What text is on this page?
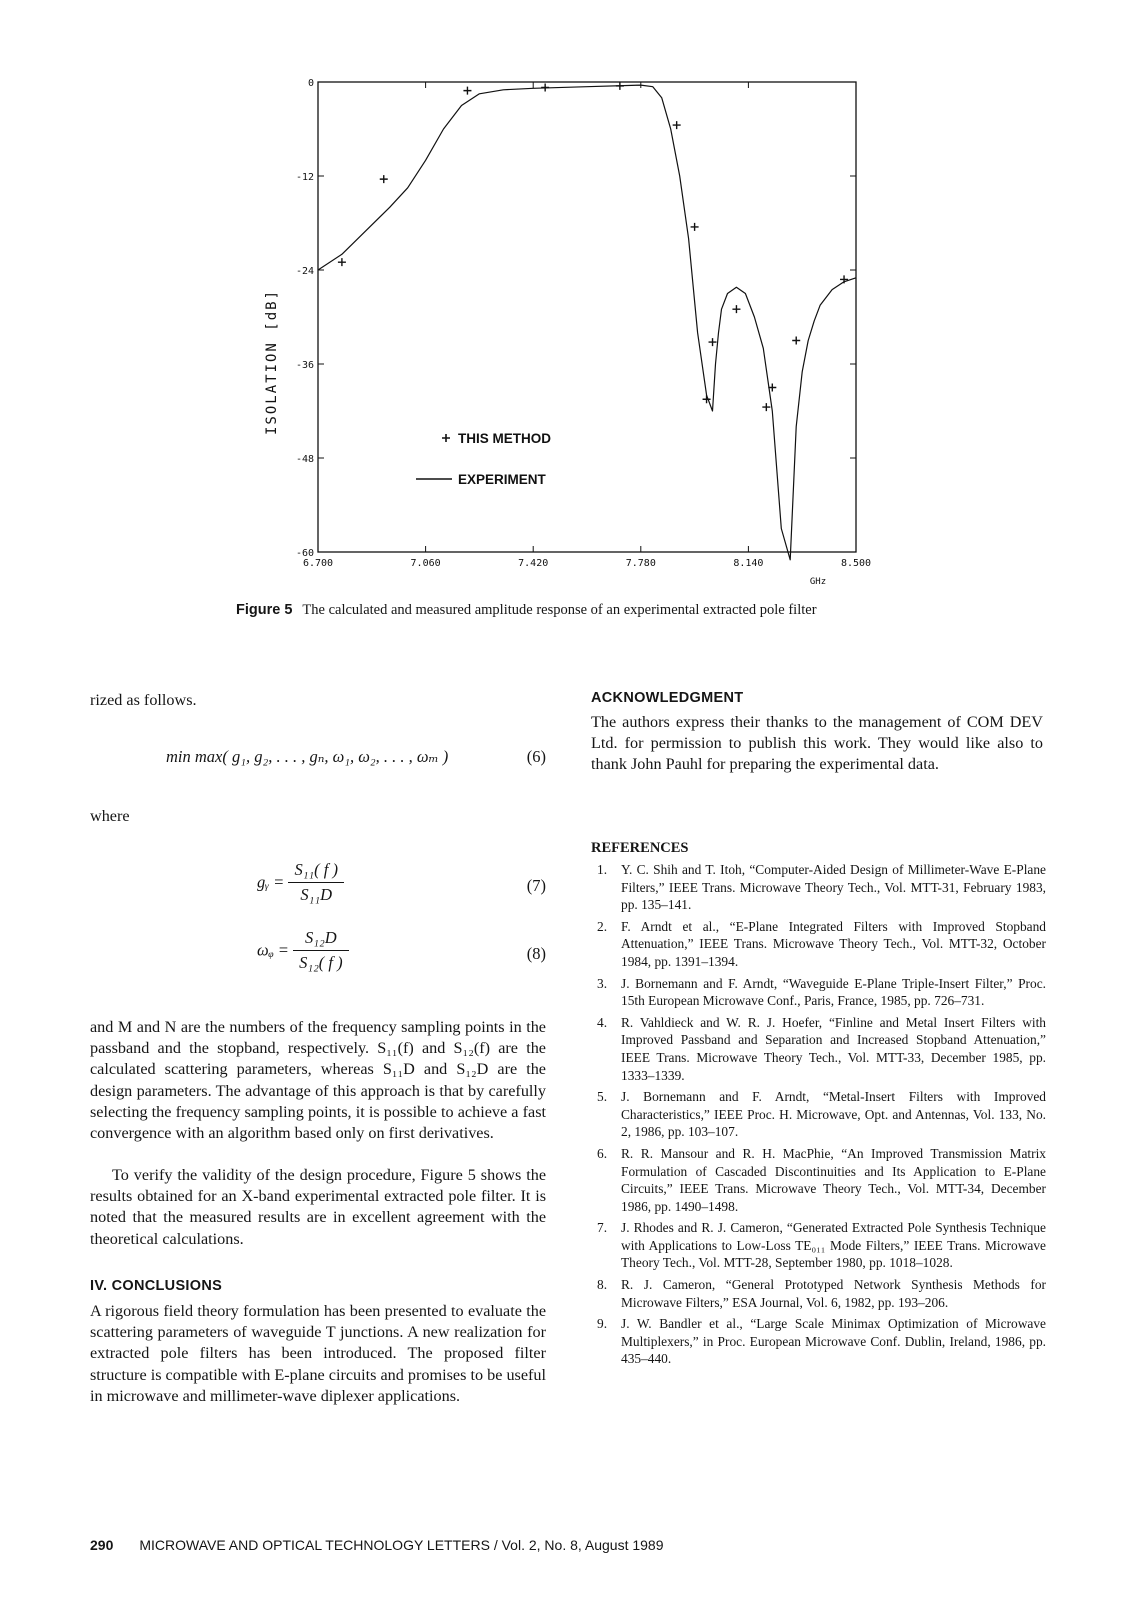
0
-12
-24
-36
-48
-60
6.700	7.060	7.420	7.780	8.140	8.500
GHz
ISOLATION [dB]
THIS METHOD
EXPERIMENT
Figure 5 The calculated and measured amplitude response of an experimental extracted pole filter
rized as follows.
min max( g₁, g₂, . . . , gₙ, ω₁, ω₂, . . . , ωₘ )	(6)
where
gᵧ = $\frac{\text{S₁₁( f )}}{\text{S₁₁D}}$	(7)
ωᵩ = $\frac{\text{S₁₂D}}{\text{S₁₂( f )}}$	(8)
and M and N are the numbers of the frequency sampling points in the passband and the stopband, respectively. S₁₁(f) and S₁₂(f) are the calculated scattering parameters, whereas S₁₁D and S₁₂D are the design parameters. The advantage of this approach is that by carefully selecting the frequency sampling points, it is possible to achieve a fast convergence with an algorithm based only on first derivatives.
To verify the validity of the design procedure, Figure 5 shows the results obtained for an X-band experimental extracted pole filter. It is noted that the measured results are in excellent agreement with the theoretical calculations.
IV. CONCLUSIONS
A rigorous field theory formulation has been presented to evaluate the scattering parameters of waveguide T junctions. A new realization for extracted pole filters has been introduced. The proposed filter structure is compatible with E-plane circuits and promises to be useful in microwave and millimeter-wave diplexer applications.
ACKNOWLEDGMENT
The authors express their thanks to the management of COM DEV Ltd. for permission to publish this work. They would like also to thank John Pauhl for preparing the experimental data.
REFERENCES
1.	Y. C. Shih and T. Itoh, “Computer-Aided Design of Millimeter-Wave E-Plane Filters,” IEEE Trans. Microwave Theory Tech., Vol. MTT-31, February 1983, pp. 135–141.
2.	F. Arndt et al., “E-Plane Integrated Filters with Improved Stopband Attenuation,” IEEE Trans. Microwave Theory Tech., Vol. MTT-32, October 1984, pp. 1391–1394.
3.	J. Bornemann and F. Arndt, “Waveguide E-Plane Triple-Insert Filter,” Proc. 15th European Microwave Conf., Paris, France, 1985, pp. 726–731.
4.	R. Vahldieck and W. R. J. Hoefer, “Finline and Metal Insert Filters with Improved Passband and Separation and Increased Stopband Attenuation,” IEEE Trans. Microwave Theory Tech., Vol. MTT-33, December 1985, pp. 1333–1339.
5.	J. Bornemann and F. Arndt, “Metal-Insert Filters with Improved Characteristics,” IEEE Proc. H. Microwave, Opt. and Antennas, Vol. 133, No. 2, 1986, pp. 103–107.
6.	R. R. Mansour and R. H. MacPhie, “An Improved Transmission Matrix Formulation of Cascaded Discontinuities and Its Application to E-Plane Circuits,” IEEE Trans. Microwave Theory Tech., Vol. MTT-34, December 1986, pp. 1490–1498.
7.	J. Rhodes and R. J. Cameron, “Generated Extracted Pole Synthesis Technique with Applications to Low-Loss TE₀₁₁ Mode Filters,” IEEE Trans. Microwave Theory Tech., Vol. MTT-28, September 1980, pp. 1018–1028.
8.	R. J. Cameron, “General Prototyped Network Synthesis Methods for Microwave Filters,” ESA Journal, Vol. 6, 1982, pp. 193–206.
9.	J. W. Bandler et al., “Large Scale Minimax Optimization of Microwave Multiplexers,” in Proc. European Microwave Conf. Dublin, Ireland, 1986, pp. 435–440.
290 MICROWAVE AND OPTICAL TECHNOLOGY LETTERS / Vol. 2, No. 8, August 1989
